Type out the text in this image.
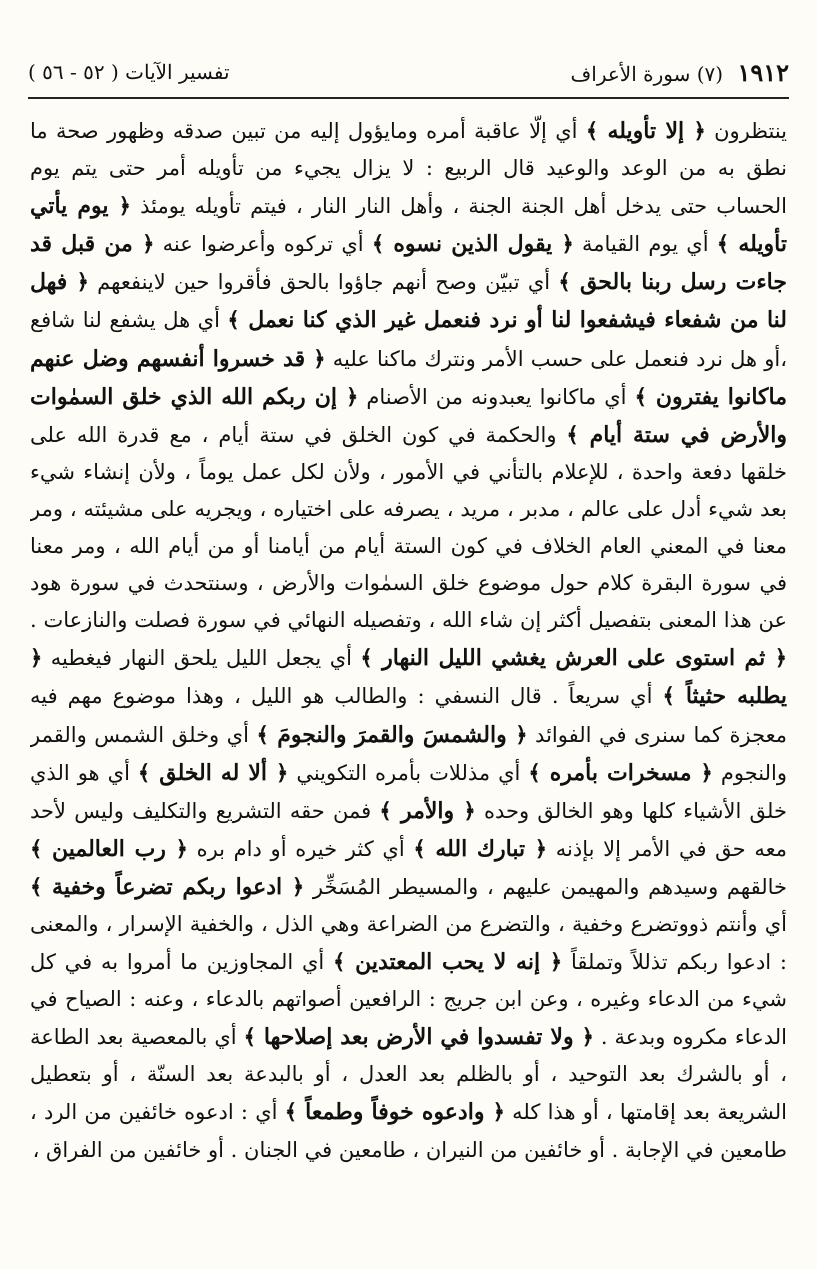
تفسير الآيات ( ٥٢ - ٥٦ )	١٩١٢ (٧) سورة الأعراف

ينتظرون ﴿ إلا تأويله ﴾ أي إلّا عاقبة أمره ومايؤول إليه من تبين صدقه وظهور صحة ما نطق به من الوعد والوعيد قال الربيع : لا يزال يجيء من تأويله أمر حتى يتم يوم الحساب حتى يدخل أهل الجنة الجنة ، وأهل النار النار ، فيتم تأويله يومئذ ﴿ يوم يأتي تأويله ﴾ أي يوم القيامة ﴿ يقول الذين نسوه ﴾ أي تركوه وأعرضوا عنه ﴿ من قبل قد جاءت رسل ربنا بالحق ﴾ أي تبيّن وصح أنهم جاؤوا بالحق فأقروا حين لاينفعهم ﴿ فهل لنا من شفعاء فيشفعوا لنا أو نرد فنعمل غير الذي كنا نعمل ﴾ أي هل يشفع لنا شافع ،أو هل نرد فنعمل على حسب الأمر ونترك ماكنا عليه ﴿ قد خسروا أنفسهم وضل عنهم ماكانوا يفترون ﴾ أي ماكانوا يعبدونه من الأصنام ﴿ إن ربكم الله الذي خلق السمٰوات والأرض في ستة أيام ﴾ والحكمة في كون الخلق في ستة أيام ، مع قدرة الله على خلقها دفعة واحدة ، للإعلام بالتأني في الأمور ، ولأن لكل عمل يوماً ، ولأن إنشاء شيء بعد شيء أدل على عالم ، مدبر ، مريد ، يصرفه على اختياره ، ويجريه على مشيئته ، ومر معنا في المعني العام الخلاف في كون الستة أيام من أيامنا أو من أيام الله ، ومر معنا في سورة البقرة كلام حول موضوع خلق السمٰوات والأرض ، وسنتحدث في سورة هود عن هذا المعنى بتفصيل أكثر إن شاء الله ، وتفصيله النهائي في سورة فصلت والنازعات . ﴿ ثم استوى على العرش يغشي الليل النهار ﴾ أي يجعل الليل يلحق النهار فيغطيه ﴿ يطلبه حثيثاً ﴾ أي سريعاً . قال النسفي : والطالب هو الليل ، وهذا موضوع مهم فيه معجزة كما سنرى في الفوائد ﴿ والشمسَ والقمرَ والنجومَ ﴾ أي وخلق الشمس والقمر والنجوم ﴿ مسخرات بأمره ﴾ أي مذللات بأمره التكويني ﴿ ألا له الخلق ﴾ أي هو الذي خلق الأشياء كلها وهو الخالق وحده ﴿ والأمر ﴾ فمن حقه التشريع والتكليف وليس لأحد معه حق في الأمر إلا بإذنه ﴿ تبارك الله ﴾ أي كثر خيره أو دام بره ﴿ رب العالمين ﴾ خالقهم وسيدهم والمهيمن عليهم ، والمسيطر المُسَخِّر ﴿ ادعوا ربكم تضرعاً وخفية ﴾ أي وأنتم ذووتضرع وخفية ، والتضرع من الضراعة وهي الذل ، والخفية الإسرار ، والمعنى : ادعوا ربكم تذللاً وتملقاً ﴿ إنه لا يحب المعتدين ﴾ أي المجاوزين ما أمروا به في كل شيء من الدعاء وغيره ، وعن ابن جريج : الرافعين أصواتهم بالدعاء ، وعنه : الصياح في الدعاء مكروه وبدعة . ﴿ ولا تفسدوا في الأرض بعد إصلاحها ﴾ أي بالمعصية بعد الطاعة ، أو بالشرك بعد التوحيد ، أو بالظلم بعد العدل ، أو بالبدعة بعد السنّة ، أو بتعطيل الشريعة بعد إقامتها ، أو هذا كله ﴿ وادعوه خوفاً وطمعاً ﴾ أي : ادعوه خائفين من الرد ، طامعين في الإجابة . أو خائفين من النيران ، طامعين في الجنان . أو خائفين من الفراق ،
